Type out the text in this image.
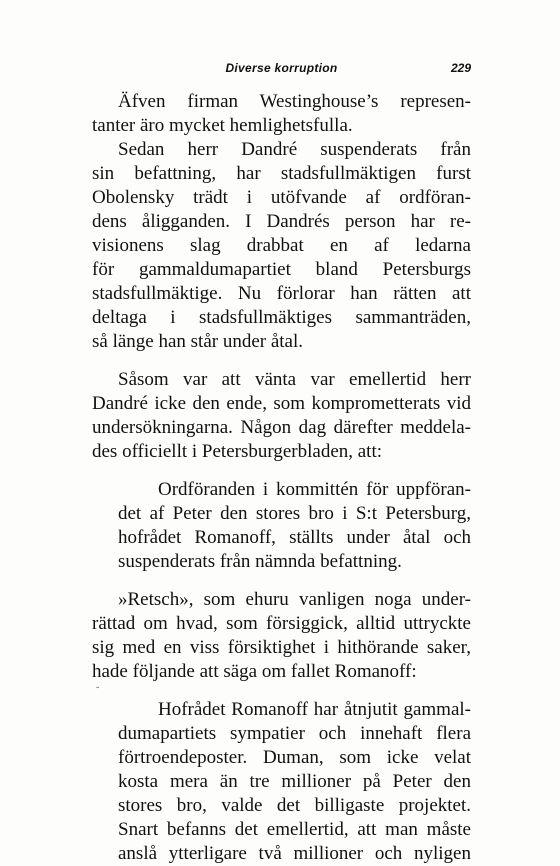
Diverse korruption	229
Äfven firman Westinghouse’s represen-
tanter äro mycket hemlighetsfulla.
Sedan herr Dandré suspenderats från
sin befattning, har stadsfullmäktigen furst
Obolensky trädt i utöfvande af ordföran-
dens åligganden. I Dandrés person har re-
visionens slag drabbat en af ledarna
för gammaldumapartiet bland Petersburgs
stadsfullmäktige. Nu förlorar han rätten att
deltaga i stadsfullmäktiges sammanträden,
så länge han står under åtal.
Såsom var att vänta var emellertid herr
Dandré icke den ende, som komprometterats vid
undersökningarna. Någon dag därefter meddela-
des officiellt i Petersburgerbladen, att:
Ordföranden i kommittén för uppföran-
det af Peter den stores bro i S:t Petersburg,
hofrådet Romanoff, ställts under åtal och
suspenderats från nämnda befattning.
»Retsch», som ehuru vanligen noga under-
rättad om hvad, som försiggick, alltid uttryckte
sig med en viss försiktighet i hithörande saker,
hade följande att säga om fallet Romanoff:
Hofrådet Romanoff har åtnjutit gammal-
dumapartiets sympatier och innehaft flera
förtroendeposter. Duman, som icke velat
kosta mera än tre millioner på Peter den
stores bro, valde det billigaste projektet.
Snart befanns det emellertid, att man måste
anslå ytterligare två millioner och nyligen
˘
